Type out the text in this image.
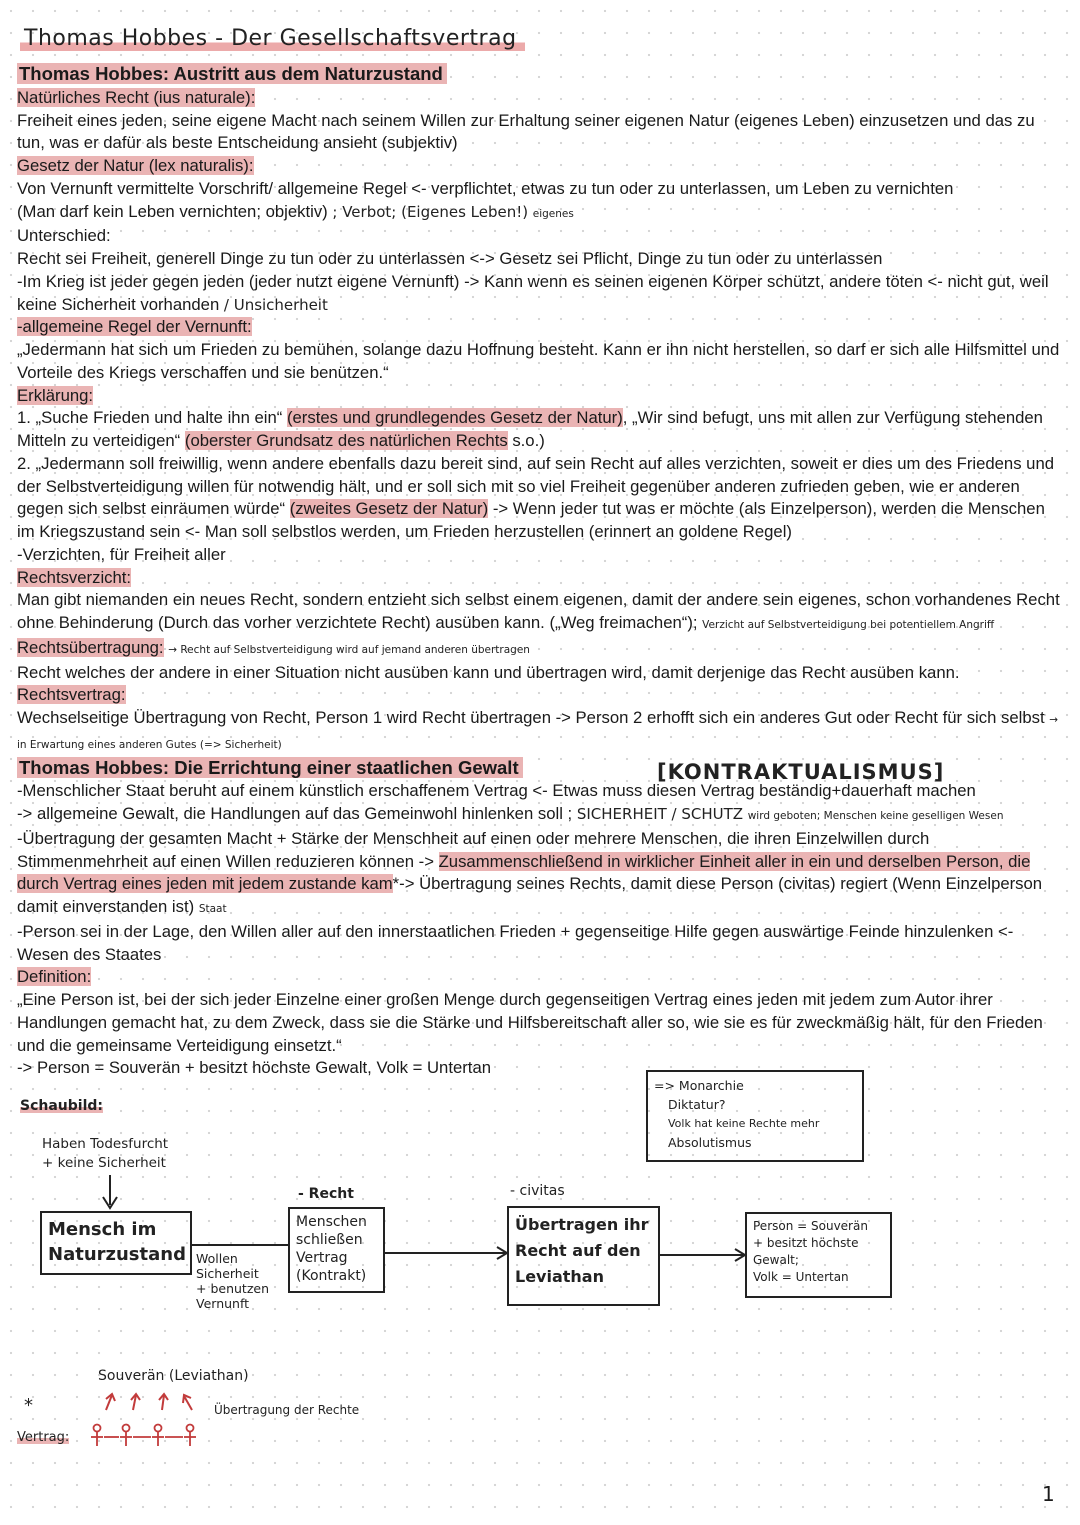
Thomas Hobbes - Der Gesellschaftsvertrag

Thomas Hobbes: Austritt aus dem Naturzustand

Natürliches Recht (ius naturale):

Freiheit eines jeden, seine eigene Macht nach seinem Willen zur Erhaltung seiner eigenen Natur (eigenes Leben) einzusetzen und das zu tun, was er dafür als beste Entscheidung ansieht (subjektiv)

Gesetz der Natur (lex naturalis):

Von Vernunft vermittelte Vorschrift/ allgemeine Regel <- verpflichtet, etwas zu tun oder zu unterlassen, um Leben zu vernichten

(Man darf kein Leben vernichten; objektiv) ; Verbot; (Eigenes Leben!) eigenes

Unterschied:

Recht sei Freiheit, generell Dinge zu tun oder zu unterlassen <-> Gesetz sei Pflicht, Dinge zu tun oder zu unterlassen

-Im Krieg ist jeder gegen jeden (jeder nutzt eigene Vernunft) -> Kann wenn es seinen eigenen Körper schützt, andere töten <- nicht gut, weil keine Sicherheit vorhanden / Unsicherheit

-allgemeine Regel der Vernunft:

„Jedermann hat sich um Frieden zu bemühen, solange dazu Hoffnung besteht. Kann er ihn nicht herstellen, so darf er sich alle Hilfsmittel und Vorteile des Kriegs verschaffen und sie benützen.“

Erklärung:

1. „Suche Frieden und halte ihn ein“ (erstes und grundlegendes Gesetz der Natur), „Wir sind befugt, uns mit allen zur Verfügung stehenden Mitteln zu verteidigen“ (oberster Grundsatz des natürlichen Rechts s.o.)

2. „Jedermann soll freiwillig, wenn andere ebenfalls dazu bereit sind, auf sein Recht auf alles verzichten, soweit er dies um des Friedens und der Selbstverteidigung willen für notwendig hält, und er soll sich mit so viel Freiheit gegenüber anderen zufrieden geben, wie er anderen gegen sich selbst einräumen würde“ (zweites Gesetz der Natur) -> Wenn jeder tut was er möchte (als Einzelperson), werden die Menschen im Kriegszustand sein <- Man soll selbstlos werden, um Frieden herzustellen (erinnert an goldene Regel)

-Verzichten, für Freiheit aller

Rechtsverzicht:

Man gibt niemanden ein neues Recht, sondern entzieht sich selbst einem eigenen, damit der andere sein eigenes, schon vorhandenes Recht ohne Behinderung (Durch das vorher verzichtete Recht) ausüben kann. („Weg freimachen“); Verzicht auf Selbstverteidigung bei potentiellem Angriff

Rechtsübertragung: → Recht auf Selbstverteidigung wird auf jemand anderen übertragen

Recht welches der andere in einer Situation nicht ausüben kann und übertragen wird, damit derjenige das Recht ausüben kann.

Rechtsvertrag:

Wechselseitige Übertragung von Recht, Person 1 wird Recht übertragen -> Person 2 erhofft sich ein anderes Gut oder Recht für sich selbst → in Erwartung eines anderen Gutes (=> Sicherheit)

Thomas Hobbes: Die Errichtung einer staatlichen Gewalt

-Menschlicher Staat beruht auf einem künstlich erschaffenem Vertrag <- Etwas muss diesen Vertrag beständig+dauerhaft machen

-> allgemeine Gewalt, die Handlungen auf das Gemeinwohl hinlenken soll ; SICHERHEIT / SCHUTZ wird geboten; Menschen keine geselligen Wesen

-Übertragung der gesamten Macht + Stärke der Menschheit auf einen oder mehrere Menschen, die ihren Einzelwillen durch Stimmenmehrheit auf einen Willen reduzieren können -> Zusammenschließend in wirklicher Einheit aller in ein und derselben Person, die durch Vertrag eines jeden mit jedem zustande kam*-> Übertragung seines Rechts, damit diese Person (civitas) regiert (Wenn Einzelperson damit einverstanden ist) Staat

-Person sei in der Lage, den Willen aller auf den innerstaatlichen Frieden + gegenseitige Hilfe gegen auswärtige Feinde hinzulenken <- Wesen des Staates

Definition:

„Eine Person ist, bei der sich jeder Einzelne einer großen Menge durch gegenseitigen Vertrag eines jeden mit jedem zum Autor ihrer Handlungen gemacht hat, zu dem Zweck, dass sie die Stärke und Hilfsbereitschaft aller so, wie sie es für zweckmäßig hält, für den Frieden und die gemeinsame Verteidigung einsetzt.“

-> Person = Souverän + besitzt höchste Gewalt, Volk = Untertan

[KONTRAKTUALISMUS]
Schaubild:
=> Monarchie
Diktatur?
Volk hat keine Rechte mehr
Absolutismus
Haben Todesfurcht
+ keine Sicherheit
Mensch im
Naturzustand Wollen
Sicherheit
+ benutzen
Vernunft
- Recht
Menschen
schließen
Vertrag
(Kontrakt)
- civitas
Übertragen ihr
Recht auf den
Leviathan
Person = Souverän
+ besitzt höchste
Gewalt;
Volk = Untertan
*
Souverän (Leviathan)
Übertragung der Rechte
Vertrag:
1
